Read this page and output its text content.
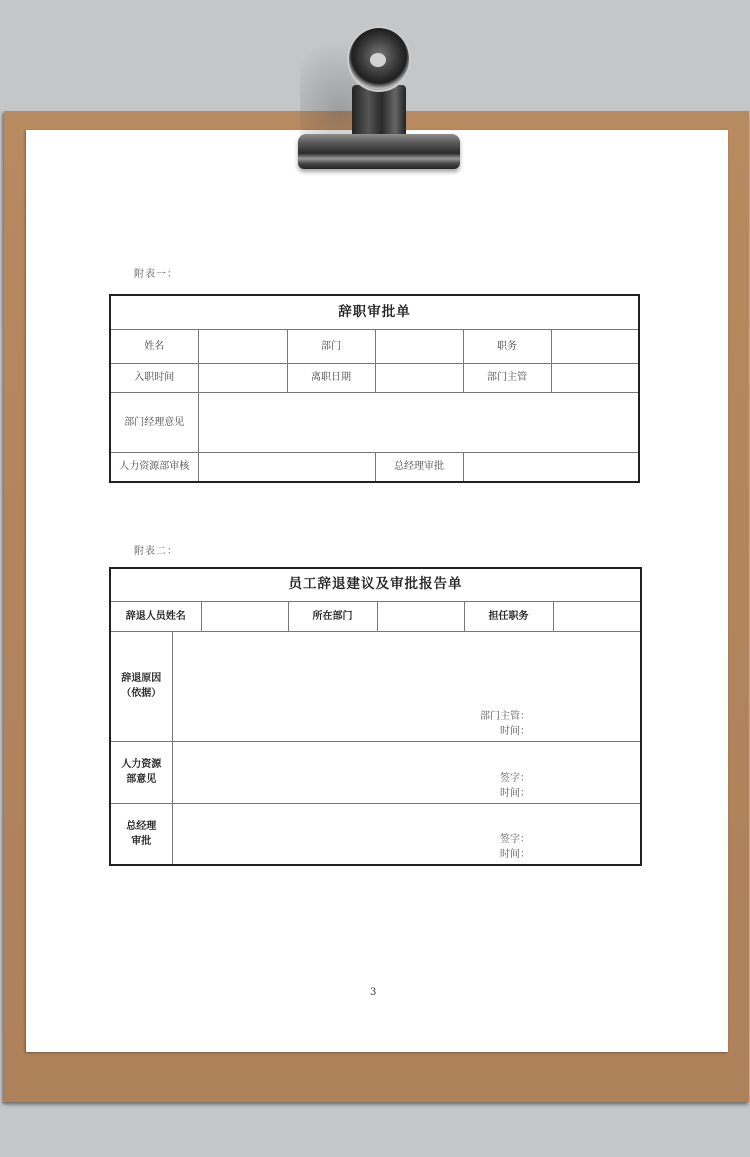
附表一：
辞职审批单					
姓名		部门		职务	
入职时间		离职日期		部门主管	
部门经理意见					
人力资源部审核			总经理审批		
附表二：
员工辞退建议及审批报告单						
辞退人员姓名			所在部门		担任职务	

辞退原因
（依据）

部门主管：
时间：

人力资源
部意见	签字：
时间：

总经理
审批	签字：
时间：
3
